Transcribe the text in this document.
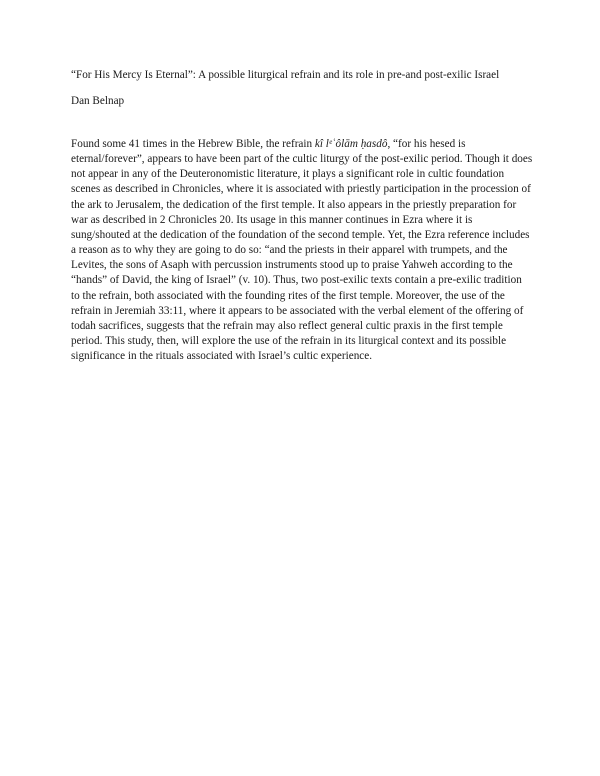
“For His Mercy Is Eternal”: A possible liturgical refrain and its role in pre-and post-exilic Israel
Dan Belnap

Found some 41 times in the Hebrew Bible, the refrain kî lᵉʿôlām ḥasdô, “for his hesed is eternal/forever”, appears to have been part of the cultic liturgy of the post-exilic period. Though it does not appear in any of the Deuteronomistic literature, it plays a significant role in cultic foundation scenes as described in Chronicles, where it is associated with priestly participation in the procession of the ark to Jerusalem, the dedication of the first temple. It also appears in the priestly preparation for war as described in 2 Chronicles 20. Its usage in this manner continues in Ezra where it is sung/shouted at the dedication of the foundation of the second temple. Yet, the Ezra reference includes a reason as to why they are going to do so: “and the priests in their apparel with trumpets, and the Levites, the sons of Asaph with percussion instruments stood up to praise Yahweh according to the “hands” of David, the king of Israel” (v. 10). Thus, two post-exilic texts contain a pre-exilic tradition to the refrain, both associated with the founding rites of the first temple. Moreover, the use of the refrain in Jeremiah 33:11, where it appears to be associated with the verbal element of the offering of todah sacrifices, suggests that the refrain may also reflect general cultic praxis in the first temple period. This study, then, will explore the use of the refrain in its liturgical context and its possible significance in the rituals associated with Israel’s cultic experience.
